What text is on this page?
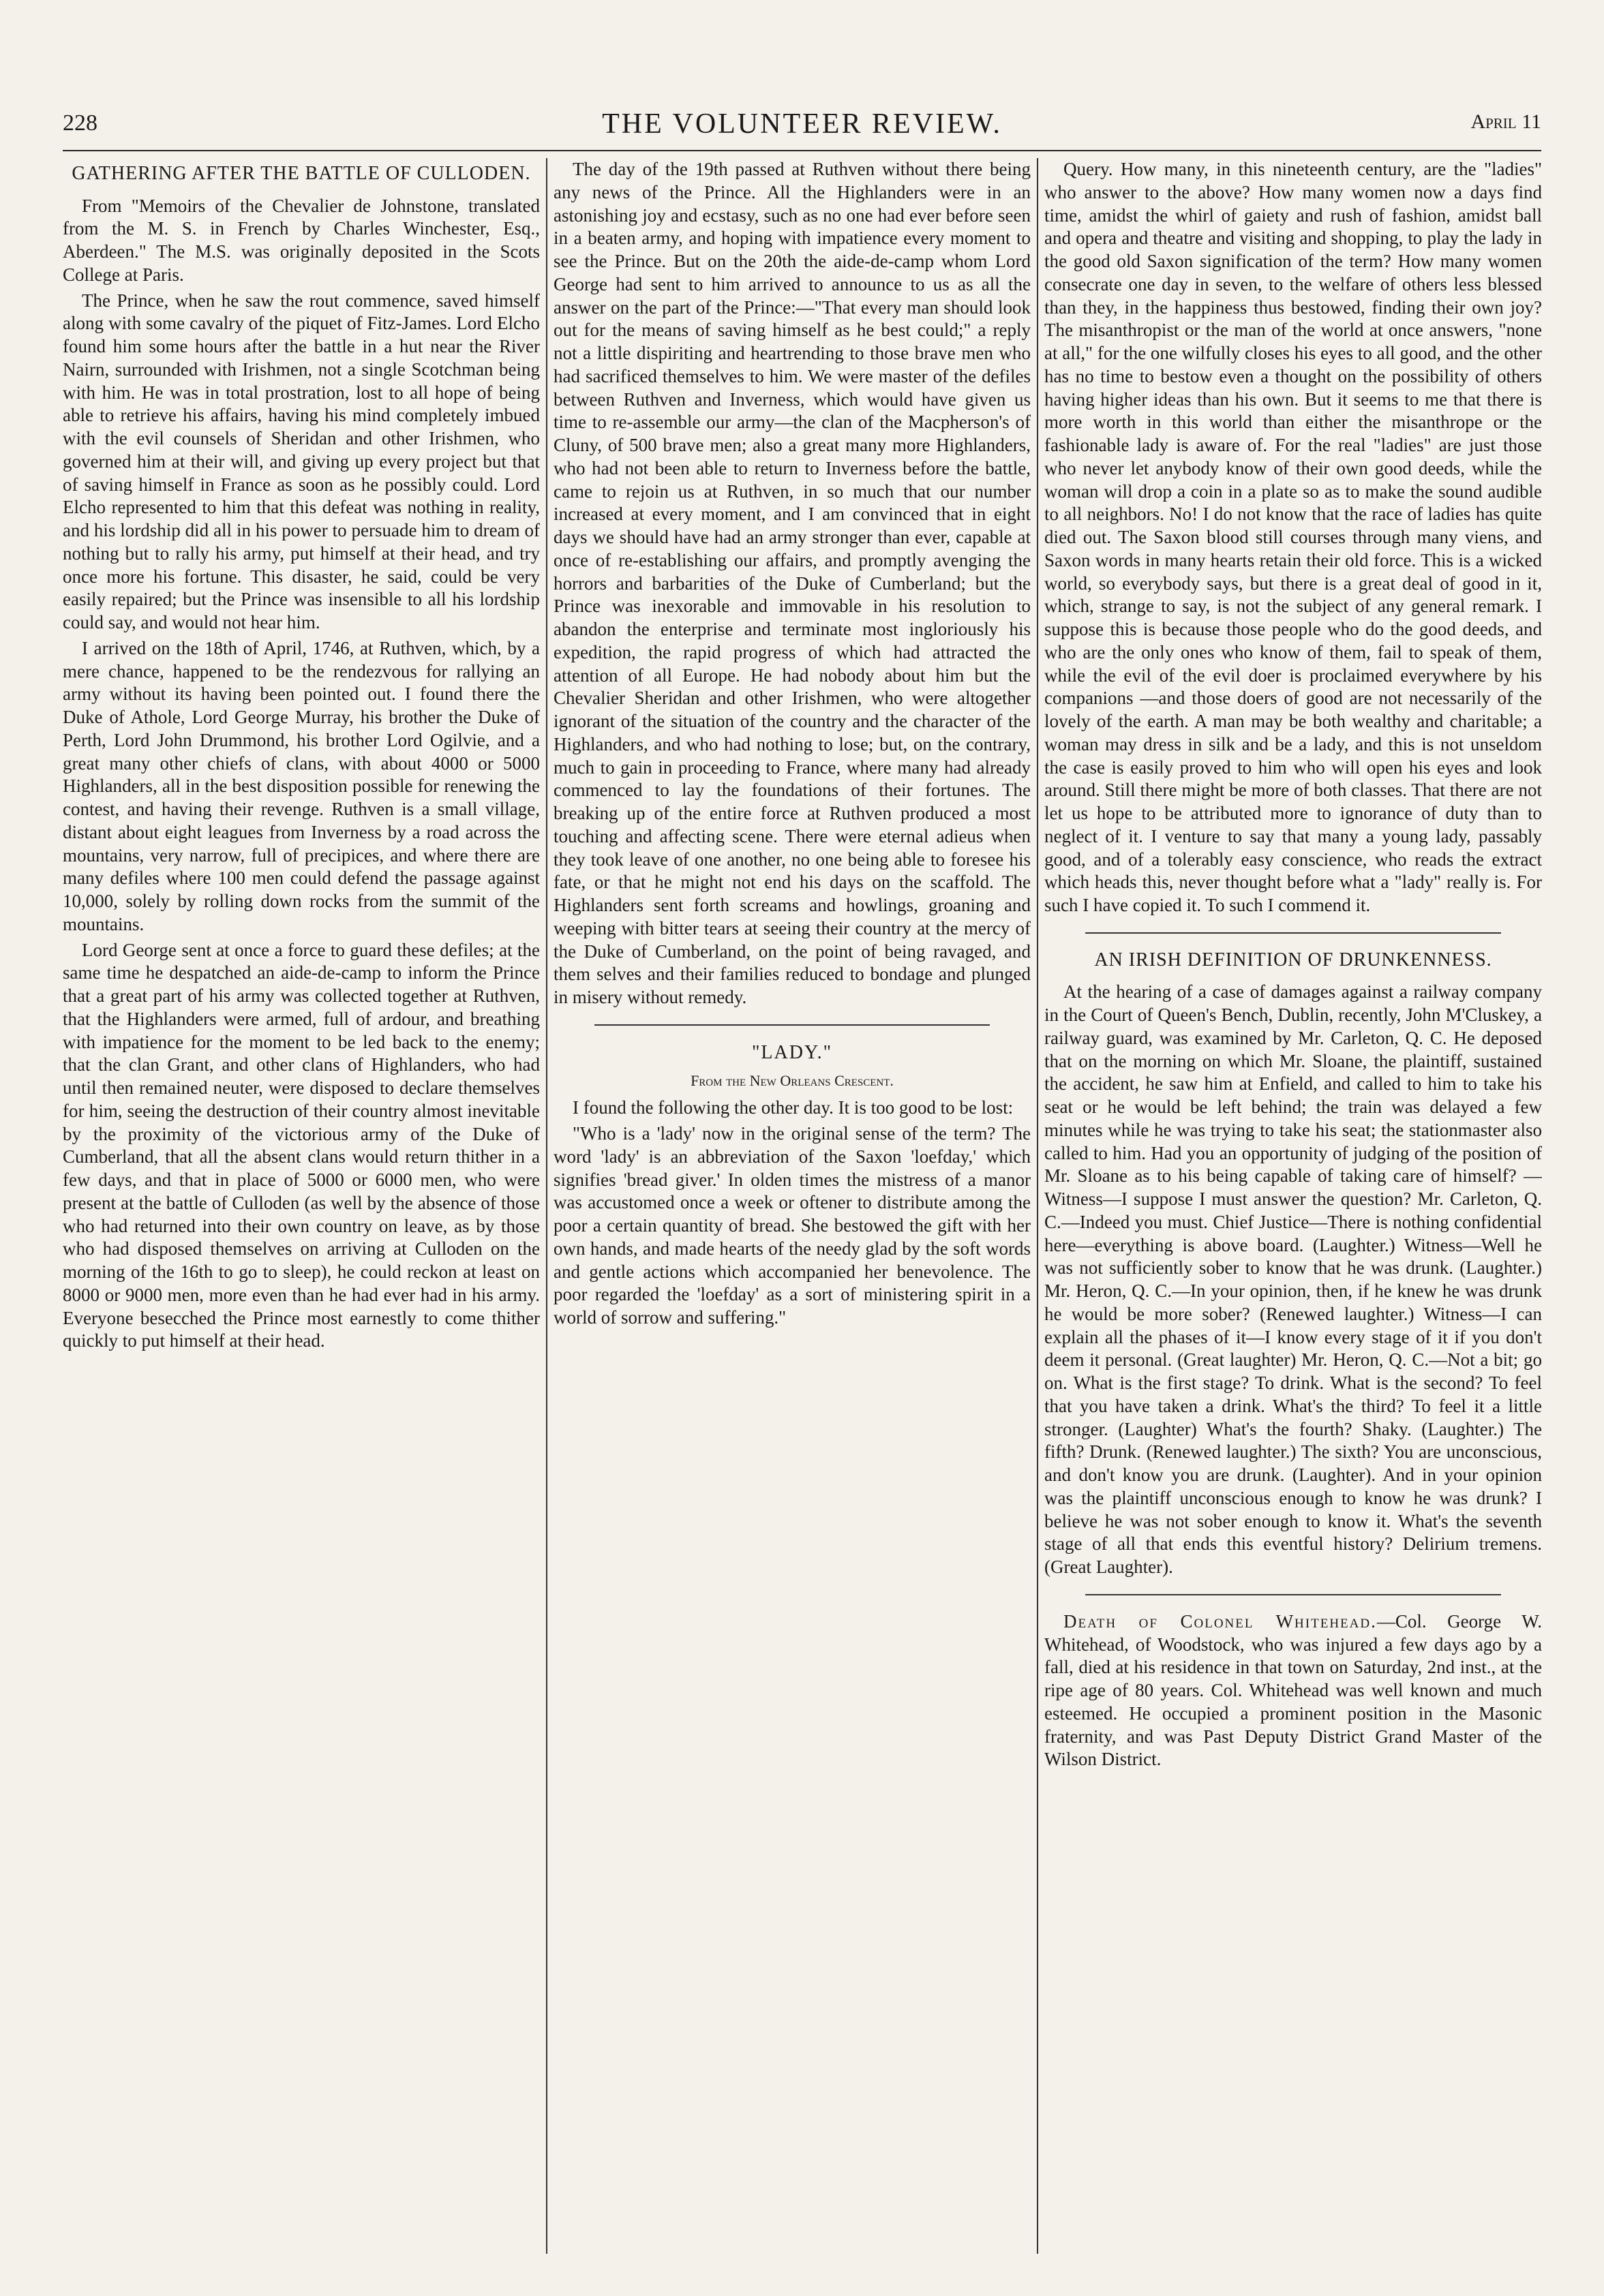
228	THE VOLUNTEER REVIEW.	April 11
GATHERING AFTER THE BATTLE OF CULLODEN.

From "Memoirs of the Chevalier de Johnstone, translated from the M. S. in French by Charles Winchester, Esq., Aberdeen." The M.S. was originally deposited in the Scots College at Paris.

The Prince, when he saw the rout commence, saved himself along with some cavalry of the piquet of Fitz-James. Lord Elcho found him some hours after the battle in a hut near the River Nairn, surrounded with Irishmen, not a single Scotchman being with him. He was in total prostration, lost to all hope of being able to retrieve his affairs, having his mind completely imbued with the evil counsels of Sheridan and other Irishmen, who governed him at their will, and giving up every project but that of saving himself in France as soon as he possibly could. Lord Elcho represented to him that this defeat was nothing in reality, and his lordship did all in his power to persuade him to dream of nothing but to rally his army, put himself at their head, and try once more his fortune. This disaster, he said, could be very easily repaired; but the Prince was insensible to all his lordship could say, and would not hear him.

I arrived on the 18th of April, 1746, at Ruthven, which, by a mere chance, happened to be the rendezvous for rallying an army without its having been pointed out. I found there the Duke of Athole, Lord George Murray, his brother the Duke of Perth, Lord John Drummond, his brother Lord Ogilvie, and a great many other chiefs of clans, with about 4000 or 5000 Highlanders, all in the best disposition possible for renewing the contest, and having their revenge. Ruthven is a small village, distant about eight leagues from Inverness by a road across the mountains, very narrow, full of precipices, and where there are many defiles where 100 men could defend the passage against 10,000, solely by rolling down rocks from the summit of the mountains.

Lord George sent at once a force to guard these defiles; at the same time he despatched an aide-de-camp to inform the Prince that a great part of his army was collected together at Ruthven, that the Highlanders were armed, full of ardour, and breathing with impatience for the moment to be led back to the enemy; that the clan Grant, and other clans of Highlanders, who had until then remained neuter, were disposed to declare themselves for him, seeing the destruction of their country almost inevitable by the proximity of the victorious army of the Duke of Cumberland, that all the absent clans would return thither in a few days, and that in place of 5000 or 6000 men, who were present at the battle of Culloden (as well by the absence of those who had returned into their own country on leave, as by those who had disposed themselves on arriving at Culloden on the morning of the 16th to go to sleep), he could reckon at least on 8000 or 9000 men, more even than he had ever had in his army. Everyone besecched the Prince most earnestly to come thither quickly to put himself at their head.

The day of the 19th passed at Ruthven without there being any news of the Prince. All the Highlanders were in an astonishing joy and ecstasy, such as no one had ever before seen in a beaten army, and hoping with impatience every moment to see the Prince. But on the 20th the aide-de-camp whom Lord George had sent to him arrived to announce to us as all the answer on the part of the Prince:—"That every man should look out for the means of saving himself as he best could;" a reply not a little dispiriting and heartrending to those brave men who had sacrificed themselves to him. We were master of the defiles between Ruthven and Inverness, which would have given us time to re-assemble our army—the clan of the Macpherson's of Cluny, of 500 brave men; also a great many more Highlanders, who had not been able to return to Inverness before the battle, came to rejoin us at Ruthven, in so much that our number increased at every moment, and I am convinced that in eight days we should have had an army stronger than ever, capable at once of re-establishing our affairs, and promptly avenging the horrors and barbarities of the Duke of Cumberland; but the Prince was inexorable and immovable in his resolution to abandon the enterprise and terminate most ingloriously his expedition, the rapid progress of which had attracted the attention of all Europe. He had nobody about him but the Chevalier Sheridan and other Irishmen, who were altogether ignorant of the situation of the country and the character of the Highlanders, and who had nothing to lose; but, on the contrary, much to gain in proceeding to France, where many had already commenced to lay the foundations of their fortunes. The breaking up of the entire force at Ruthven produced a most touching and affecting scene. There were eternal adieus when they took leave of one another, no one being able to foresee his fate, or that he might not end his days on the scaffold. The Highlanders sent forth screams and howlings, groaning and weeping with bitter tears at seeing their country at the mercy of the Duke of Cumberland, on the point of being ravaged, and them selves and their families reduced to bondage and plunged in misery without remedy.

"LADY."
From the New Orleans Crescent.

I found the following the other day. It is too good to be lost:

"Who is a 'lady' now in the original sense of the term? The word 'lady' is an abbreviation of the Saxon 'loefday,' which signifies 'bread giver.' In olden times the mistress of a manor was accustomed once a week or oftener to distribute among the poor a certain quantity of bread. She bestowed the gift with her own hands, and made hearts of the needy glad by the soft words and gentle actions which accompanied her benevolence. The poor regarded the 'loefday' as a sort of ministering spirit in a world of sorrow and suffering."

Query. How many, in this nineteenth century, are the "ladies" who answer to the above? How many women now a days find time, amidst the whirl of gaiety and rush of fashion, amidst ball and opera and theatre and visiting and shopping, to play the lady in the good old Saxon signification of the term? How many women consecrate one day in seven, to the welfare of others less blessed than they, in the happiness thus bestowed, finding their own joy? The misanthropist or the man of the world at once answers, "none at all," for the one wilfully closes his eyes to all good, and the other has no time to bestow even a thought on the possibility of others having higher ideas than his own. But it seems to me that there is more worth in this world than either the misanthrope or the fashionable lady is aware of. For the real "ladies" are just those who never let anybody know of their own good deeds, while the woman will drop a coin in a plate so as to make the sound audible to all neighbors. No! I do not know that the race of ladies has quite died out. The Saxon blood still courses through many viens, and Saxon words in many hearts retain their old force. This is a wicked world, so everybody says, but there is a great deal of good in it, which, strange to say, is not the subject of any general remark. I suppose this is because those people who do the good deeds, and who are the only ones who know of them, fail to speak of them, while the evil of the evil doer is proclaimed everywhere by his companions —and those doers of good are not necessarily of the lovely of the earth. A man may be both wealthy and charitable; a woman may dress in silk and be a lady, and this is not unseldom the case is easily proved to him who will open his eyes and look around. Still there might be more of both classes. That there are not let us hope to be attributed more to ignorance of duty than to neglect of it. I venture to say that many a young lady, passably good, and of a tolerably easy conscience, who reads the extract which heads this, never thought before what a "lady" really is. For such I have copied it. To such I commend it.

AN IRISH DEFINITION OF DRUNKENNESS.

At the hearing of a case of damages against a railway company in the Court of Queen's Bench, Dublin, recently, John M'Cluskey, a railway guard, was examined by Mr. Carleton, Q. C. He deposed that on the morning on which Mr. Sloane, the plaintiff, sustained the accident, he saw him at Enfield, and called to him to take his seat or he would be left behind; the train was delayed a few minutes while he was trying to take his seat; the stationmaster also called to him. Had you an opportunity of judging of the position of Mr. Sloane as to his being capable of taking care of himself? —Witness—I suppose I must answer the question? Mr. Carleton, Q. C.—Indeed you must. Chief Justice—There is nothing confidential here—everything is above board. (Laughter.) Witness—Well he was not sufficiently sober to know that he was drunk. (Laughter.) Mr. Heron, Q. C.—In your opinion, then, if he knew he was drunk he would be more sober? (Renewed laughter.) Witness—I can explain all the phases of it—I know every stage of it if you don't deem it personal. (Great laughter) Mr. Heron, Q. C.—Not a bit; go on. What is the first stage? To drink. What is the second? To feel that you have taken a drink. What's the third? To feel it a little stronger. (Laughter) What's the fourth? Shaky. (Laughter.) The fifth? Drunk. (Renewed laughter.) The sixth? You are unconscious, and don't know you are drunk. (Laughter). And in your opinion was the plaintiff unconscious enough to know he was drunk? I believe he was not sober enough to know it. What's the seventh stage of all that ends this eventful history? Delirium tremens. (Great Laughter).

Death of Colonel Whitehead.—Col. George W. Whitehead, of Woodstock, who was injured a few days ago by a fall, died at his residence in that town on Saturday, 2nd inst., at the ripe age of 80 years. Col. Whitehead was well known and much esteemed. He occupied a prominent position in the Masonic fraternity, and was Past Deputy District Grand Master of the Wilson District.
